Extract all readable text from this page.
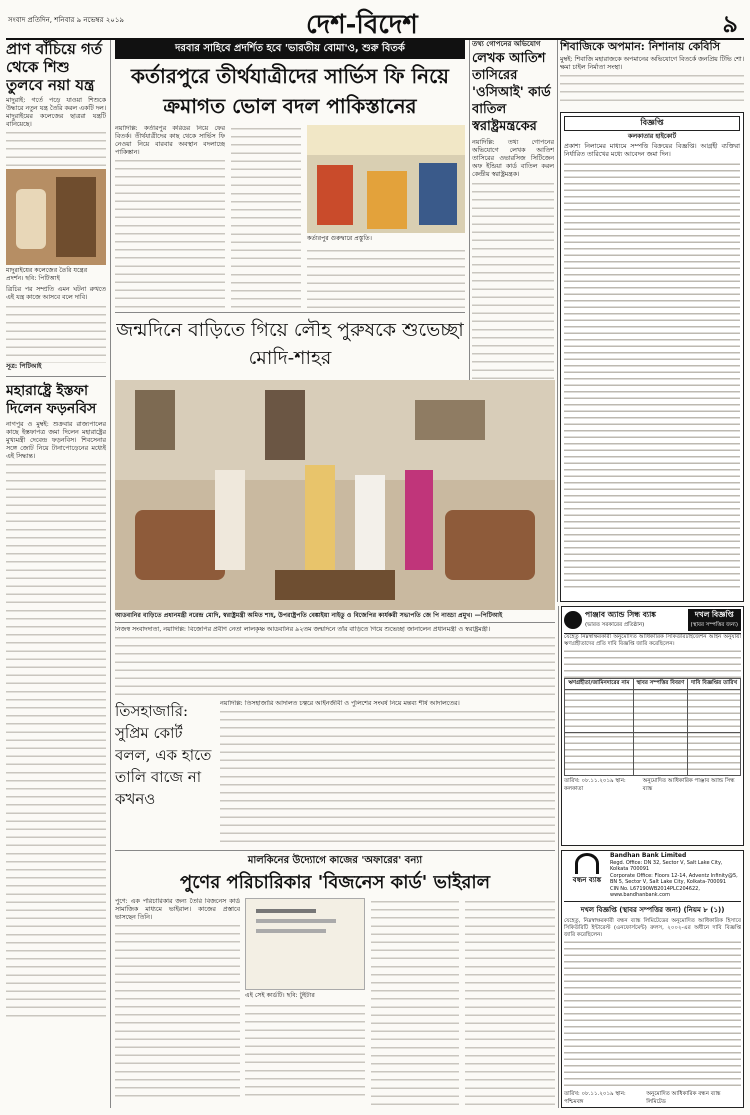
সংবাদ প্রতিদিন, শনিবার ৯ নভেম্বর ২০১৯	দেশ-বিদেশ	৯
প্রাণ বাঁচিয়ে গর্ত থেকে শিশু তুলবে নয়া যন্ত্র
মাদুরাই: গর্তে পড়ে যাওয়া শিশুকে উদ্ধারে নতুন যন্ত্র তৈরি করল একটি দল। মাদুরাইয়ের কলেজের ছাত্ররা যন্ত্রটি বানিয়েছে।
মাদুরাইয়ের কলেজের তৈরি যন্ত্রের প্রদর্শন। ছবি: পিটিআই
ত্রিচির পর সম্প্রতি এমন ঘটনা রুখতে এই যন্ত্র কাজে আসবে বলে দাবি।
সূত্র: পিটিআই
মহারাষ্ট্রে ইস্তফা দিলেন ফড়নবিস
নাগপুর ও মুম্বই: শুক্রবার রাজ্যপালের কাছে ইস্তফাপত্র জমা দিলেন মহারাষ্ট্রের মুখ্যমন্ত্রী দেবেন্দ্র ফড়নবিস। শিবসেনার সঙ্গে জোট নিয়ে টানাপোড়েনের মধ্যেই এই সিদ্ধান্ত।
দরবার সাহিবে প্রদর্শিত হবে 'ভারতীয় বোমা'ও, শুরু বিতর্ক
কর্তারপুরে তীর্থযাত্রীদের সার্ভিস ফি নিয়ে ক্রমাগত ভোল বদল পাকিস্তানের
নয়াদিল্লি: কর্তারপুর করিডর নিয়ে ফের বিতর্ক। তীর্থযাত্রীদের কাছ থেকে সার্ভিস ফি নেওয়া নিয়ে বারবার অবস্থান বদলাচ্ছে পাকিস্তান।
কর্তারপুর গুরুদ্বারে প্রস্তুতি।
তথ্য গোপনের অভিযোগ
লেখক আতিশ তাসিরের 'ওসিআই' কার্ড বাতিল স্বরাষ্ট্রমন্ত্রকের
নয়াদিল্লি: তথ্য গোপনের অভিযোগে লেখক আতিশ তাসিরের ওভারসিজ সিটিজেন অফ ইন্ডিয়া কার্ড বাতিল করল কেন্দ্রীয় স্বরাষ্ট্রমন্ত্রক।
শিবাজিকে অপমান: নিশানায় কেবিসি
মুম্বই: শিবাজি মহারাজকে অপমানের অভিযোগে বিতর্কে জনপ্রিয় টিভি শো। ক্ষমা চাইল নির্মাতা সংস্থা।
বিজ্ঞপ্তি
কলকাতার হাইকোর্ট
প্রকাশ্য নিলামের মাধ্যমে সম্পত্তি বিক্রয়ের বিজ্ঞপ্তি। আগ্রহী ব্যক্তিরা নির্ধারিত তারিখের মধ্যে আবেদন জমা দিন।
জন্মদিনে বাড়িতে গিয়ে লৌহ পুরুষকে শুভেচ্ছা মোদি-শাহর
আডবানির বাড়িতে প্রধানমন্ত্রী নরেন্দ্র মোদি, স্বরাষ্ট্রমন্ত্রী অমিত শাহ, উপরাষ্ট্রপতি বেঙ্কাইয়া নাইডু ও বিজেপির কার্যকরী সভাপতি জে পি নাড্ডা প্রমুখ। —পিটিআই
নিজস্ব সংবাদদাতা, নয়াদিল্লি: বিজেপির প্রবীণ নেতা লালকৃষ্ণ আডবানির ৯২তম জন্মদিনে তাঁর বাড়িতে গিয়ে শুভেচ্ছা জানালেন প্রধানমন্ত্রী ও স্বরাষ্ট্রমন্ত্রী।
তিসহাজারি: সুপ্রিম কোর্ট বলল, এক হাতে তালি বাজে না কখনও
নয়াদিল্লি: তিসহাজারি আদালত চত্বরে আইনজীবী ও পুলিশের সংঘর্ষ নিয়ে মন্তব্য শীর্ষ আদালতের।
মালকিনের উদ্যোগে কাজের 'অফারের' বন্যা
পুণের পরিচারিকার 'বিজনেস কার্ড' ভাইরাল
পুণে: এক পরিচারিকার জন্য তৈরি বিজনেস কার্ড সামাজিক মাধ্যমে ভাইরাল। কাজের প্রস্তাবে ভাসছেন তিনি।
এই সেই কার্ডটি। ছবি: টুইটার
পাঞ্জাব অ্যান্ড সিন্ধ ব্যাঙ্ক
(ভারত সরকারের প্রতিষ্ঠান)
দখল বিজ্ঞপ্তি
(স্থাবর সম্পত্তির জন্য)
যেহেতু নিম্নস্বাক্ষরকারী অনুমোদিত আধিকারিক সিকিউরিটাইজেশন আইন অনুযায়ী ঋণগ্রহীতাদের প্রতি দাবি বিজ্ঞপ্তি জারি করেছিলেন।
ঋণগ্রহীতা/জামিনদারের নাম	স্থাবর সম্পত্তির বিবরণ	দাবি বিজ্ঞপ্তির তারিখ

তারিখ: ০৮.১১.২০১৯ স্থান: কলকাতা
অনুমোদিত আধিকারিক পাঞ্জাব অ্যান্ড সিন্ধ ব্যাঙ্ক
বন্ধন ব্যাঙ্ক
Bandhan Bank Limited
Regd. Office: DN 32, Sector V, Salt Lake City, Kolkata 700091
Corporate Office: Floors 12-14, Adventz Infinity@5, BN 5, Sector V, Salt Lake City, Kolkata-700091
CIN No. L67190WB2014PLC204622, www.bandhanbank.com
দখল বিজ্ঞপ্তি (স্থাবর সম্পত্তির জন্য) (নিয়ম ৮ (১))
যেহেতু, নিম্নস্বাক্ষরকারী বন্ধন ব্যাঙ্ক লিমিটেডের অনুমোদিত আধিকারিক হিসাবে সিকিউরিটি ইন্টারেস্ট (এনফোর্সমেন্ট) রুলস, ২০০২-এর অধীনে দাবি বিজ্ঞপ্তি জারি করেছিলেন।
তারিখ: ০৮.১১.২০১৯ স্থান: পশ্চিমবঙ্গ
অনুমোদিত আধিকারিক বন্ধন ব্যাঙ্ক লিমিটেড
